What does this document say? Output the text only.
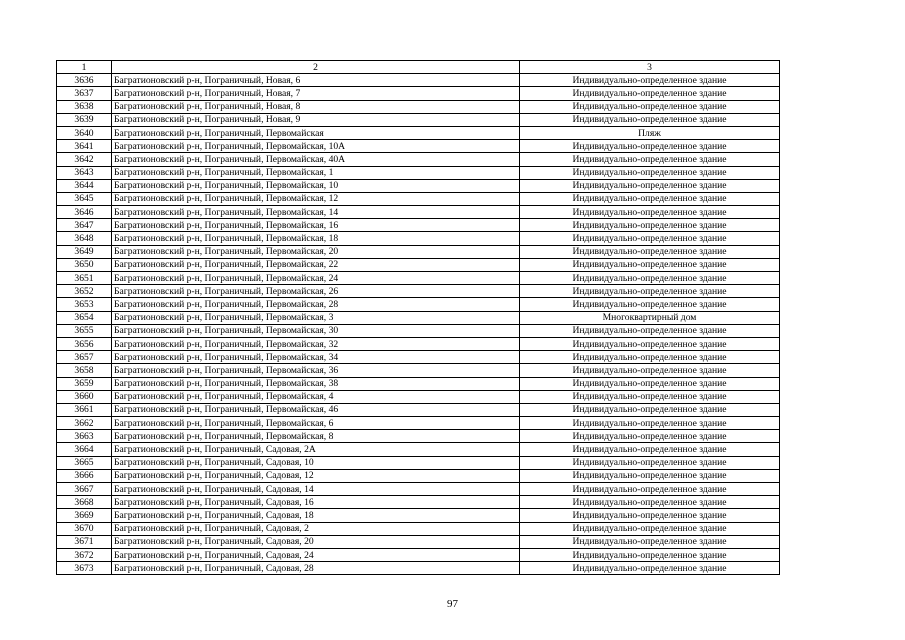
1	2	3
3636	Багратионовский р-н, Пограничный, Новая, 6	Индивидуально-определенное здание
3637	Багратионовский р-н, Пограничный, Новая, 7	Индивидуально-определенное здание
3638	Багратионовский р-н, Пограничный, Новая, 8	Индивидуально-определенное здание
3639	Багратионовский р-н, Пограничный, Новая, 9	Индивидуально-определенное здание
3640	Багратионовский р-н, Пограничный, Первомайская	Пляж
3641	Багратионовский р-н, Пограничный, Первомайская, 10А	Индивидуально-определенное здание
3642	Багратионовский р-н, Пограничный, Первомайская, 40А	Индивидуально-определенное здание
3643	Багратионовский р-н, Пограничный, Первомайская, 1	Индивидуально-определенное здание
3644	Багратионовский р-н, Пограничный, Первомайская, 10	Индивидуально-определенное здание
3645	Багратионовский р-н, Пограничный, Первомайская, 12	Индивидуально-определенное здание
3646	Багратионовский р-н, Пограничный, Первомайская, 14	Индивидуально-определенное здание
3647	Багратионовский р-н, Пограничный, Первомайская, 16	Индивидуально-определенное здание
3648	Багратионовский р-н, Пограничный, Первомайская, 18	Индивидуально-определенное здание
3649	Багратионовский р-н, Пограничный, Первомайская, 20	Индивидуально-определенное здание
3650	Багратионовский р-н, Пограничный, Первомайская, 22	Индивидуально-определенное здание
3651	Багратионовский р-н, Пограничный, Первомайская, 24	Индивидуально-определенное здание
3652	Багратионовский р-н, Пограничный, Первомайская, 26	Индивидуально-определенное здание
3653	Багратионовский р-н, Пограничный, Первомайская, 28	Индивидуально-определенное здание
3654	Багратионовский р-н, Пограничный, Первомайская, 3	Многоквартирный дом
3655	Багратионовский р-н, Пограничный, Первомайская, 30	Индивидуально-определенное здание
3656	Багратионовский р-н, Пограничный, Первомайская, 32	Индивидуально-определенное здание
3657	Багратионовский р-н, Пограничный, Первомайская, 34	Индивидуально-определенное здание
3658	Багратионовский р-н, Пограничный, Первомайская, 36	Индивидуально-определенное здание
3659	Багратионовский р-н, Пограничный, Первомайская, 38	Индивидуально-определенное здание
3660	Багратионовский р-н, Пограничный, Первомайская, 4	Индивидуально-определенное здание
3661	Багратионовский р-н, Пограничный, Первомайская, 46	Индивидуально-определенное здание
3662	Багратионовский р-н, Пограничный, Первомайская, 6	Индивидуально-определенное здание
3663	Багратионовский р-н, Пограничный, Первомайская, 8	Индивидуально-определенное здание
3664	Багратионовский р-н, Пограничный, Садовая, 2А	Индивидуально-определенное здание
3665	Багратионовский р-н, Пограничный, Садовая, 10	Индивидуально-определенное здание
3666	Багратионовский р-н, Пограничный, Садовая, 12	Индивидуально-определенное здание
3667	Багратионовский р-н, Пограничный, Садовая, 14	Индивидуально-определенное здание
3668	Багратионовский р-н, Пограничный, Садовая, 16	Индивидуально-определенное здание
3669	Багратионовский р-н, Пограничный, Садовая, 18	Индивидуально-определенное здание
3670	Багратионовский р-н, Пограничный, Садовая, 2	Индивидуально-определенное здание
3671	Багратионовский р-н, Пограничный, Садовая, 20	Индивидуально-определенное здание
3672	Багратионовский р-н, Пограничный, Садовая, 24	Индивидуально-определенное здание
3673	Багратионовский р-н, Пограничный, Садовая, 28	Индивидуально-определенное здание
97
